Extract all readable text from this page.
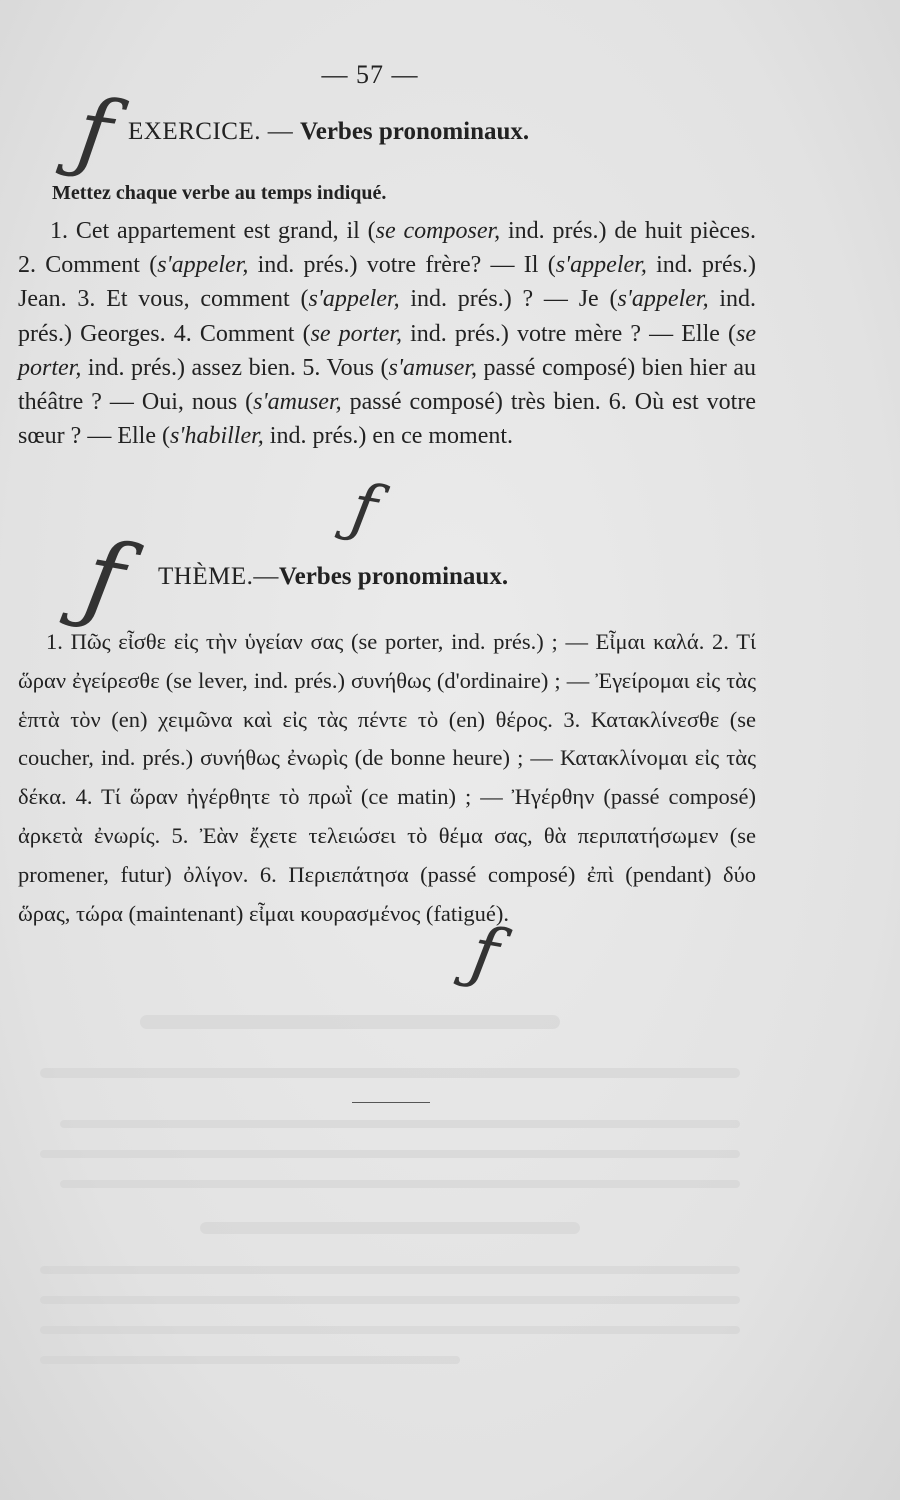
— 57 —
ƒ EXERCICE. — Verbes pronominaux.
Mettez chaque verbe au temps indiqué.
1. Cet appartement est grand, il (se composer, ind. prés.) de huit pièces. 2. Comment (s'appeler, ind. prés.) votre frère? — Il (s'appeler, ind. prés.) Jean. 3. Et vous, comment (s'appeler, ind. prés.) ? — Je (s'appeler, ind. prés.) Georges. 4. Comment (se porter, ind. prés.) votre mère ? — Elle (se porter, ind. prés.) assez bien. 5. Vous (s'amuser, passé composé) bien hier au théâtre ? — Oui, nous (s'amuser, passé composé) très bien. 6. Où est votre sœur ? — Elle (s'habiller, ind. prés.) en ce moment.
ƒ
ƒ THÈME.—Verbes pronominaux.
1. Πῶς εἶσθε εἰς τὴν ὑγείαν σας (se porter, ind. prés.) ; — Εἶμαι καλά. 2. Τί ὥραν ἐγείρεσθε (se lever, ind. prés.) συνήθως (d'ordinaire) ; — Ἐγείρομαι εἰς τὰς ἑπτὰ τὸν (en) χειμῶνα καὶ εἰς τὰς πέντε τὸ (en) θέρος. 3. Κατακλίνεσθε (se coucher, ind. prés.) συνήθως ἐνωρὶς (de bonne heure) ; — Κατακλίνομαι εἰς τὰς δέκα. 4. Τί ὥραν ἠγέρθητε τὸ πρωῒ (ce matin) ; — Ἠγέρθην (passé composé) ἀρκετὰ ἐνωρίς. 5. Ἐὰν ἔχετε τελειώσει τὸ θέμα σας, θὰ περιπατήσωμεν (se promener, futur) ὀλίγον. 6. Περιεπάτησα (passé composé) ἐπὶ (pendant) δύο ὥρας, τώρα (maintenant) εἶμαι κουρασμένος (fatigué).
ƒ
